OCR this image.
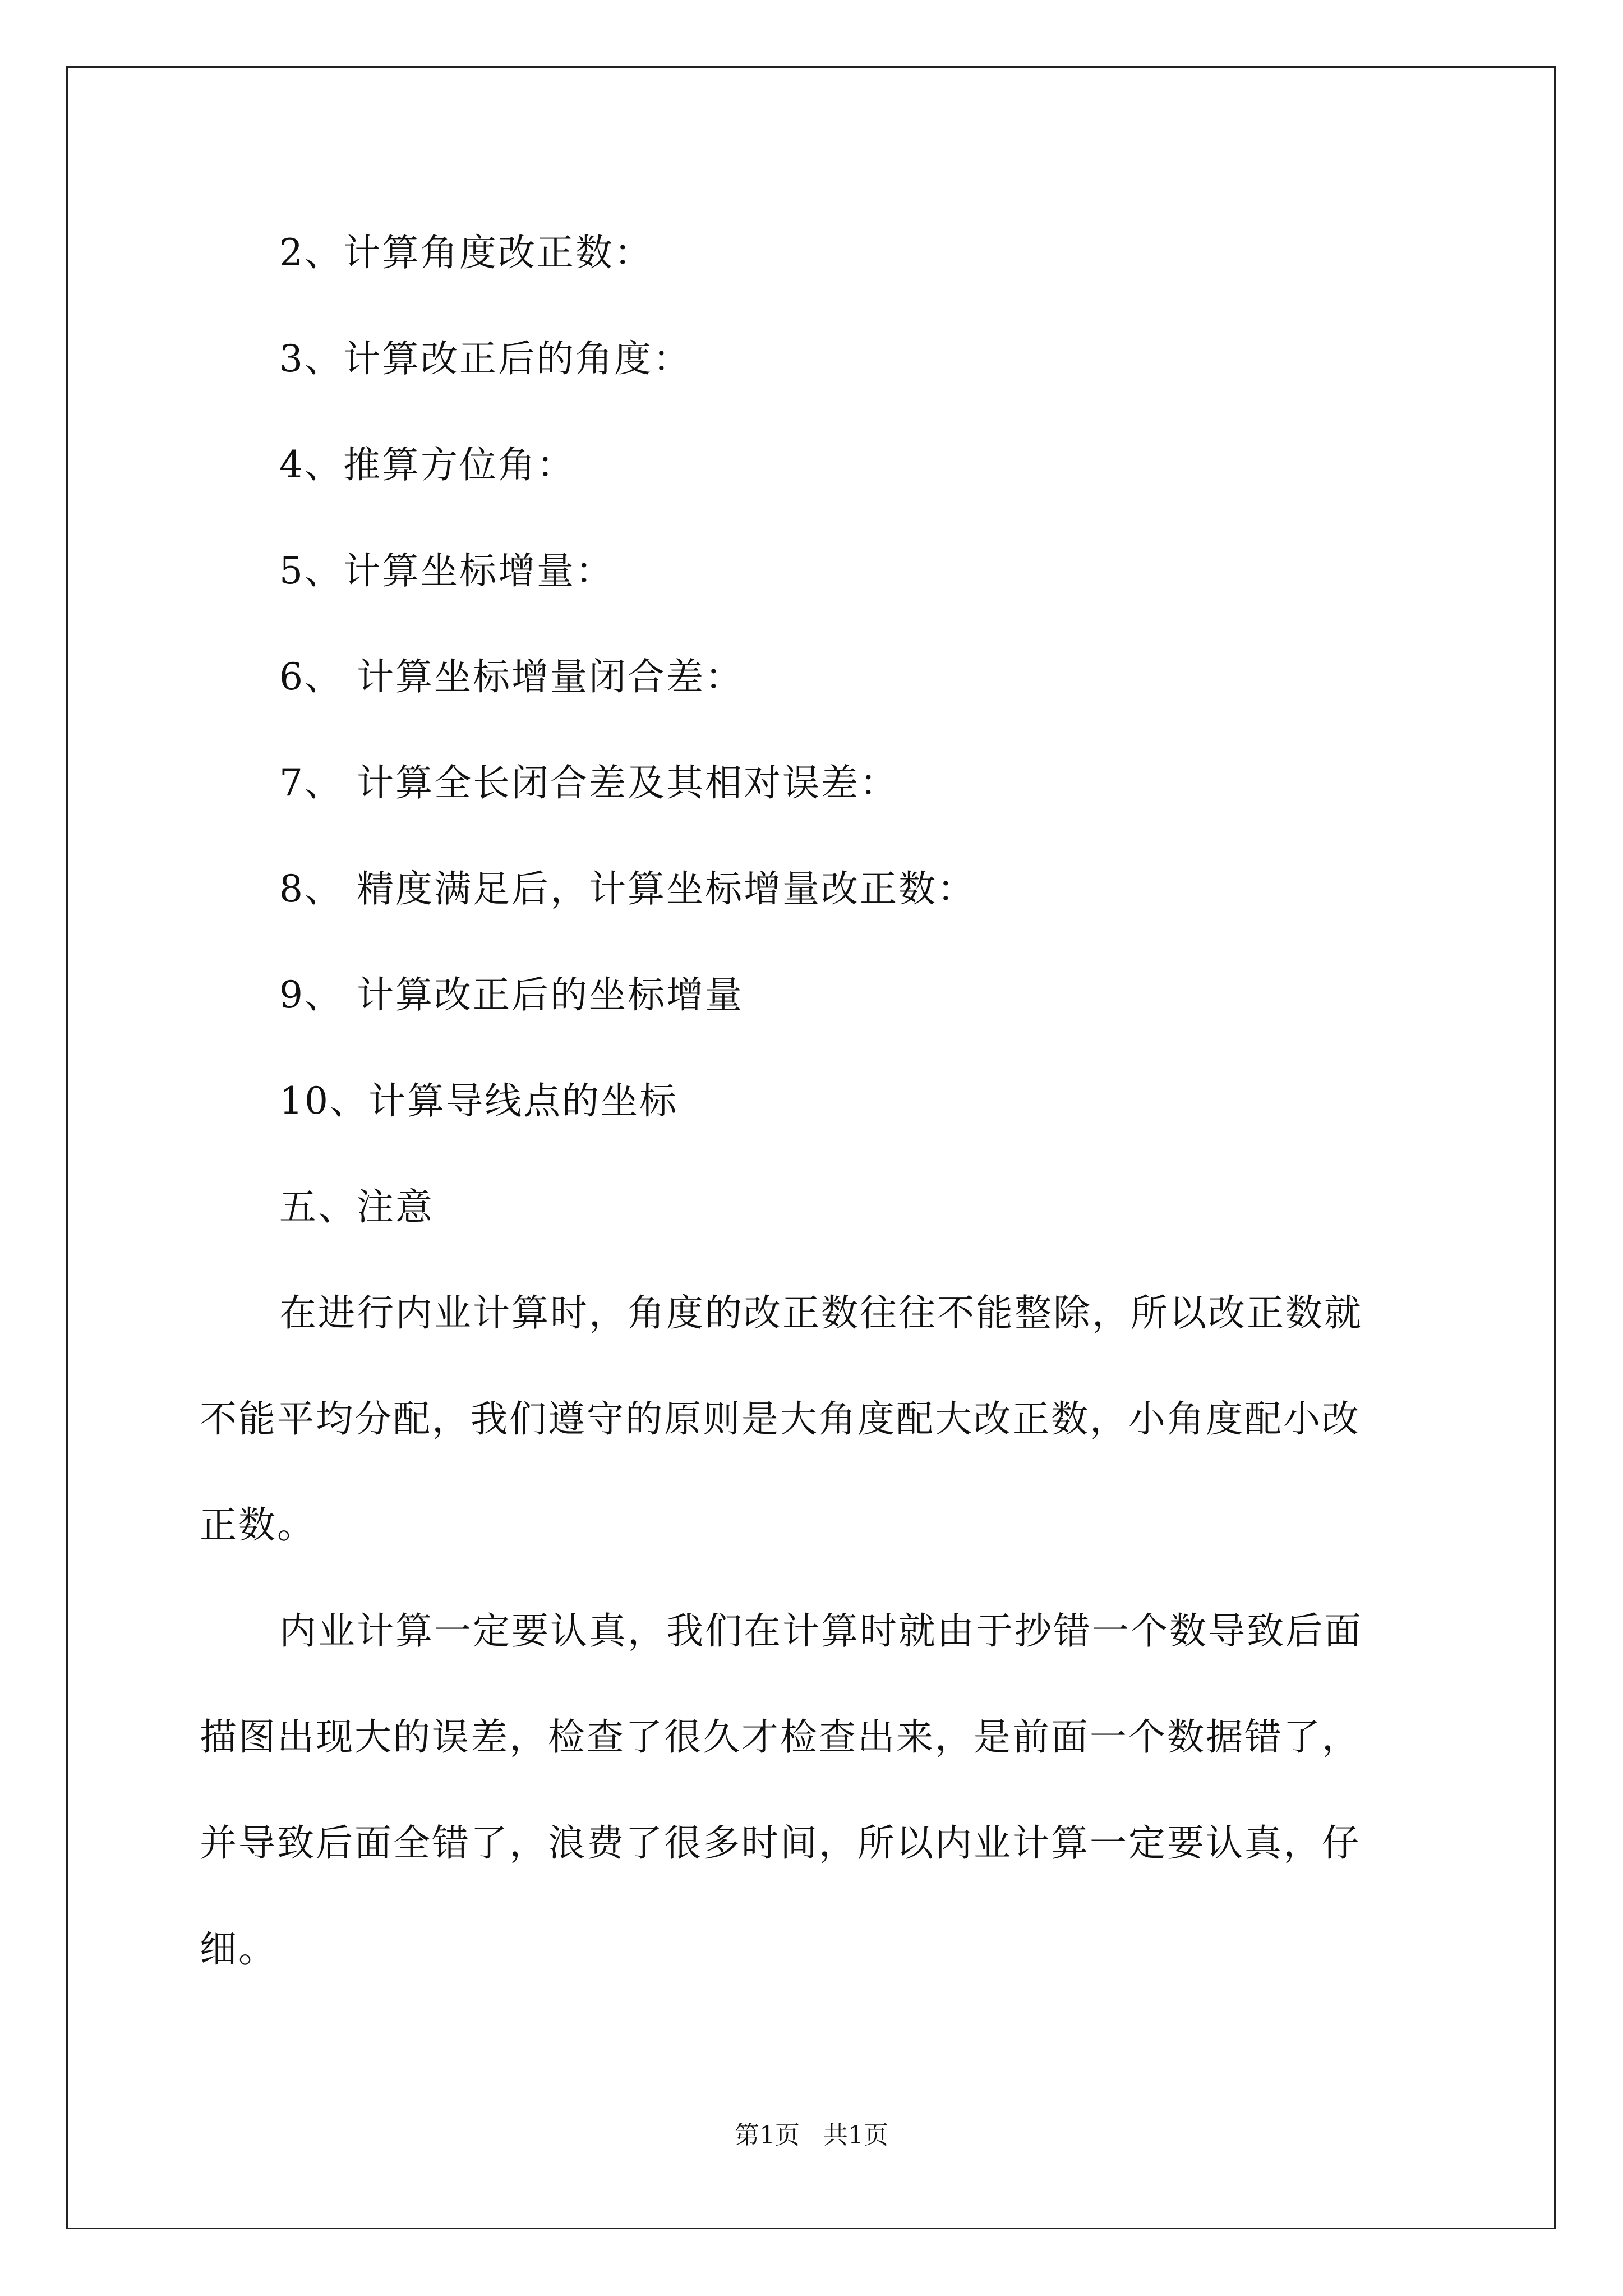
2、计算角度改正数：
3、计算改正后的角度：
4、推算方位角：
5、计算坐标增量：
6、 计算坐标增量闭合差：
7、 计算全长闭合差及其相对误差：
8、 精度满足后，计算坐标增量改正数：
9、 计算改正后的坐标增量
10、计算导线点的坐标
五、注意
在进行内业计算时，角度的改正数往往不能整除，所以改正数就
不能平均分配，我们遵守的原则是大角度配大改正数，小角度配小改
正数。
内业计算一定要认真，我们在计算时就由于抄错一个数导致后面
描图出现大的误差，检查了很久才检查出来，是前面一个数据错了，
并导致后面全错了，浪费了很多时间，所以内业计算一定要认真，仔
细。
第1页 共1页
